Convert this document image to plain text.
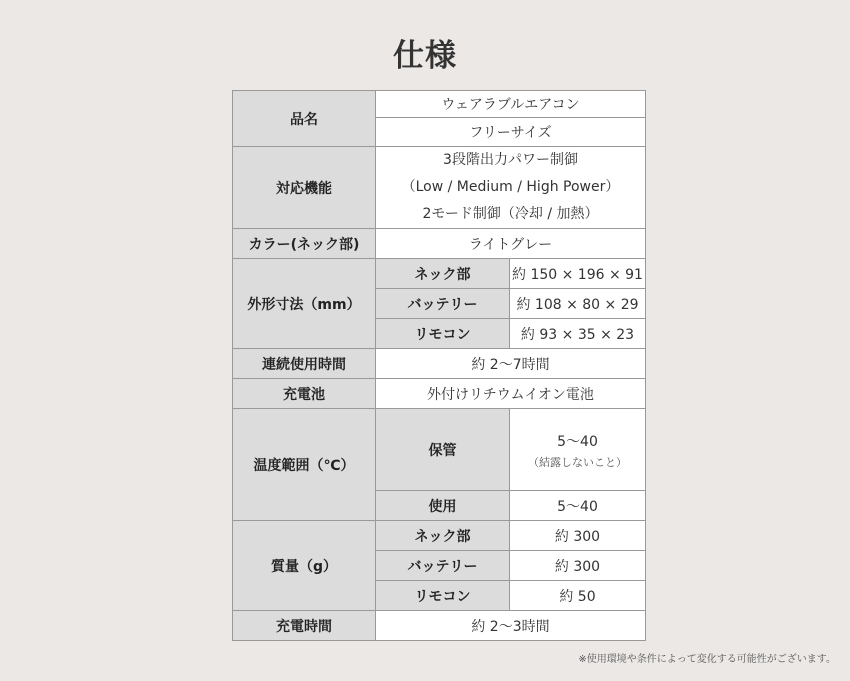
仕様
品名	ウェアラブルエアコン	
	フリーサイズ	
対応機能	3段階出力パワー制御
（Low / Medium / High Power）
2モード制御（冷却 / 加熱）	

カラー(ネック部)	ライトグレー	
外形寸法（mm）	ネック部	約 150 × 196 × 91
	バッテリー	約 108 × 80 × 29
	リモコン	約 93 × 35 × 23
連続使用時間	約 2〜7時間	
充電池	外付けリチウムイオン電池	
温度範囲（℃）	保管	5〜40
（結露しないこと）

	使用	5〜40
質量（g）	ネック部	約 300
	バッテリー	約 300
	リモコン	約 50
充電時間	約 2〜3時間	
※使用環境や条件によって変化する可能性がございます。
